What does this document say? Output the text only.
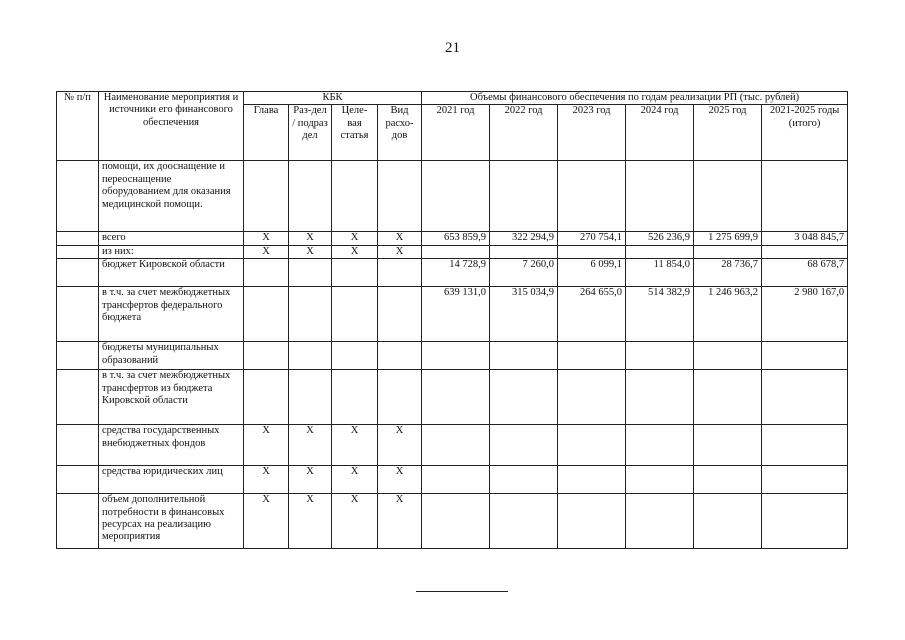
21
№ п/п	Наименование мероприятия и источники его финансового обеспечения	КБК				Объемы финансового обеспечения по годам реализации РП (тыс. рублей)					
		Глава	Раз-дел / подраз дел	Целе-вая статья	Вид расхо-дов	2021 год	2022 год	2023 год	2024 год	2025 год	2021-2025 годы (итого)
	помощи, их дооснащение и переоснащение оборудованием для оказания медицинской помощи.										
	всего	X	X	X	X	653 859,9	322 294,9	270 754,1	526 236,9	1 275 699,9	3 048 845,7
	из них:	X	X	X	X						
	бюджет Кировской области					14 728,9	7 260,0	6 099,1	11 854,0	28 736,7	68 678,7
	в т.ч. за счет межбюджетных трансфертов федерального бюджета					639 131,0	315 034,9	264 655,0	514 382,9	1 246 963,2	2 980 167,0
	бюджеты муниципальных образований										
	в т.ч. за счет межбюджетных трансфертов из бюджета Кировской области										
	средства государственных внебюджетных фондов	X	X	X	X						
	средства юридических лиц	X	X	X	X						
	объем дополнительной потребности в финансовых ресурсах на реализацию мероприятия	X	X	X	X						
